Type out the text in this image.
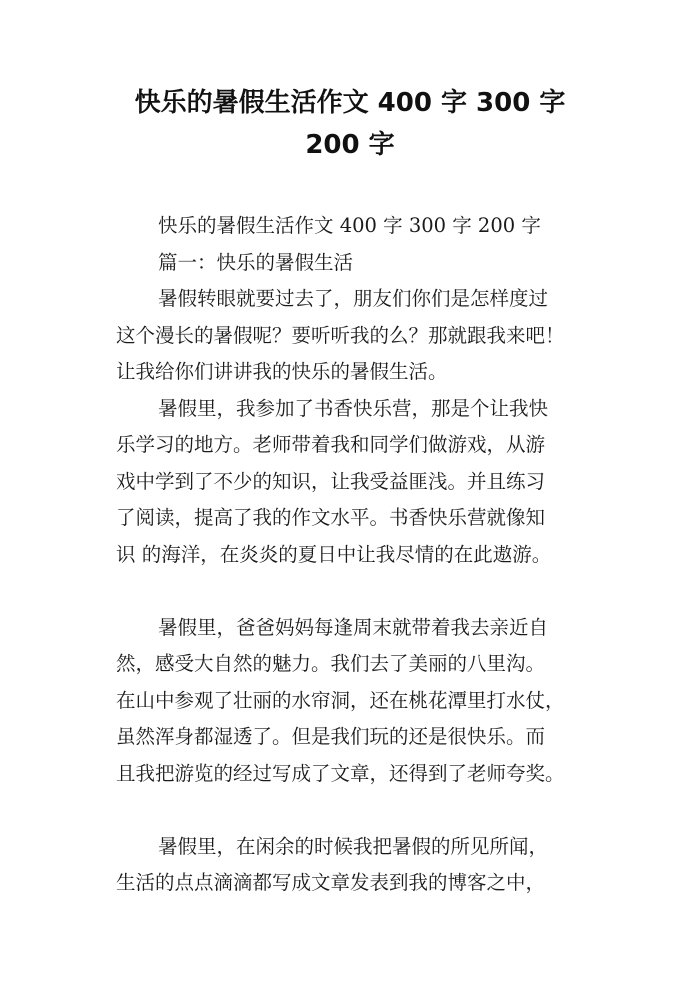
快乐的暑假生活作文 400 字 300 字
200 字
快乐的暑假生活作文 400 字 300 字 200 字
篇一：快乐的暑假生活
暑假转眼就要过去了，朋友们你们是怎样度过
这个漫长的暑假呢？要听听我的么？那就跟我来吧！
让我给你们讲讲我的快乐的暑假生活。
暑假里，我参加了书香快乐营，那是个让我快
乐学习的地方。老师带着我和同学们做游戏，从游
戏中学到了不少的知识，让我受益匪浅。并且练习
了阅读，提高了我的作文水平。书香快乐营就像知
识 的海洋，在炎炎的夏日中让我尽情的在此遨游。
暑假里，爸爸妈妈每逢周末就带着我去亲近自
然，感受大自然的魅力。我们去了美丽的八里沟。
在山中参观了壮丽的水帘洞，还在桃花潭里打水仗，
虽然浑身都湿透了。但是我们玩的还是很快乐。而
且我把游览的经过写成了文章，还得到了老师夸奖。
暑假里，在闲余的时候我把暑假的所见所闻，
生活的点点滴滴都写成文章发表到我的博客之中，
